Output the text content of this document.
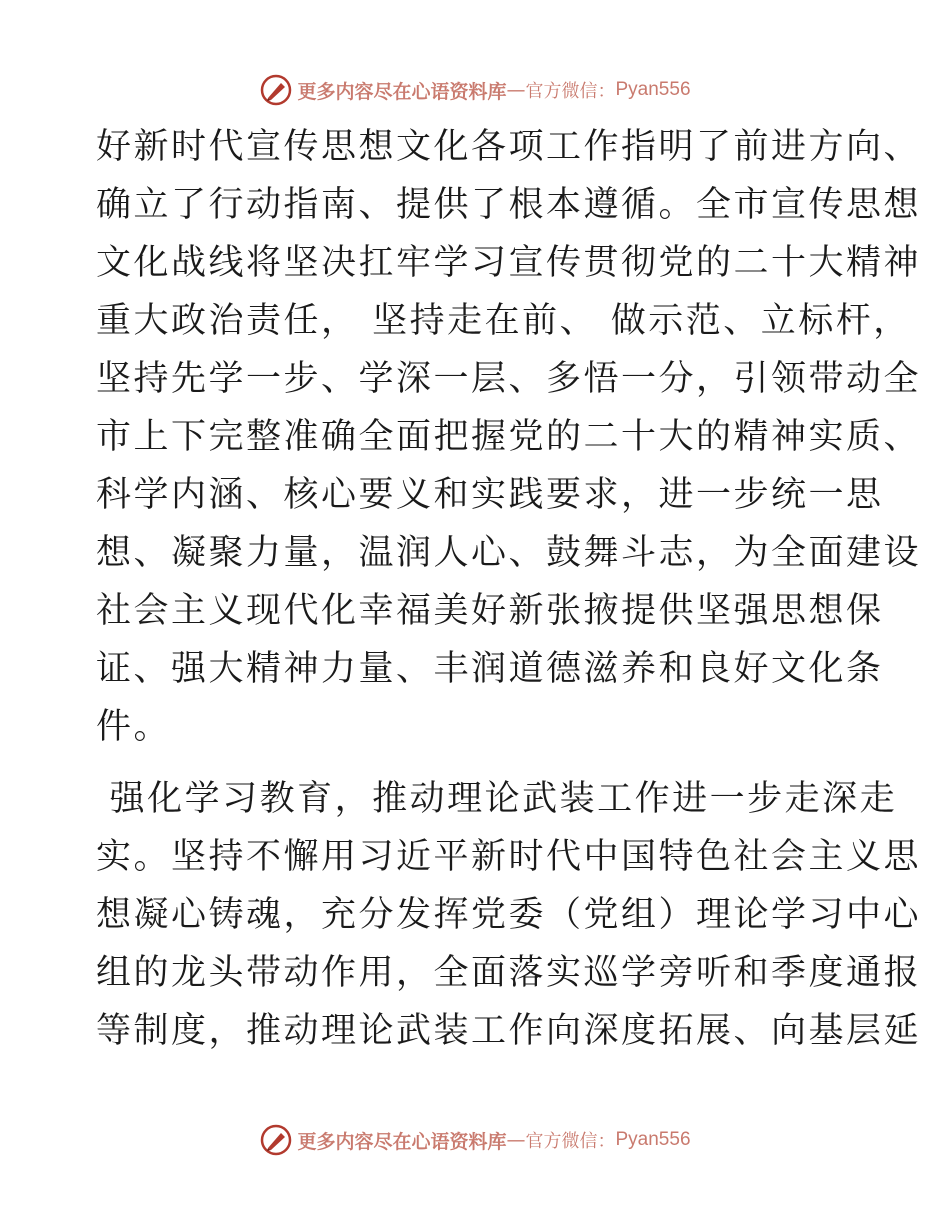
更多内容尽在心语资料库 — 官方微信： Pyan556
好新时代宣传思想文化各项工作指明了前进方向、
确立了行动指南、提供了根本遵循。全市宣传思想
文化战线将坚决扛牢学习宣传贯彻党的二十大精神
重大政治责任， 坚持走在前、 做示范、立标杆，
坚持先学一步、学深一层、多悟一分，引领带动全
市上下完整准确全面把握党的二十大的精神实质、
科学内涵、核心要义和实践要求，进一步统一思
想、凝聚力量，温润人心、鼓舞斗志，为全面建设
社会主义现代化幸福美好新张掖提供坚强思想保
证、强大精神力量、丰润道德滋养和良好文化条
件。
强化学习教育，推动理论武装工作进一步走深走
实。坚持不懈用习近平新时代中国特色社会主义思
想凝心铸魂，充分发挥党委（党组）理论学习中心
组的龙头带动作用，全面落实巡学旁听和季度通报
等制度，推动理论武装工作向深度拓展、向基层延
更多内容尽在心语资料库 — 官方微信： Pyan556
